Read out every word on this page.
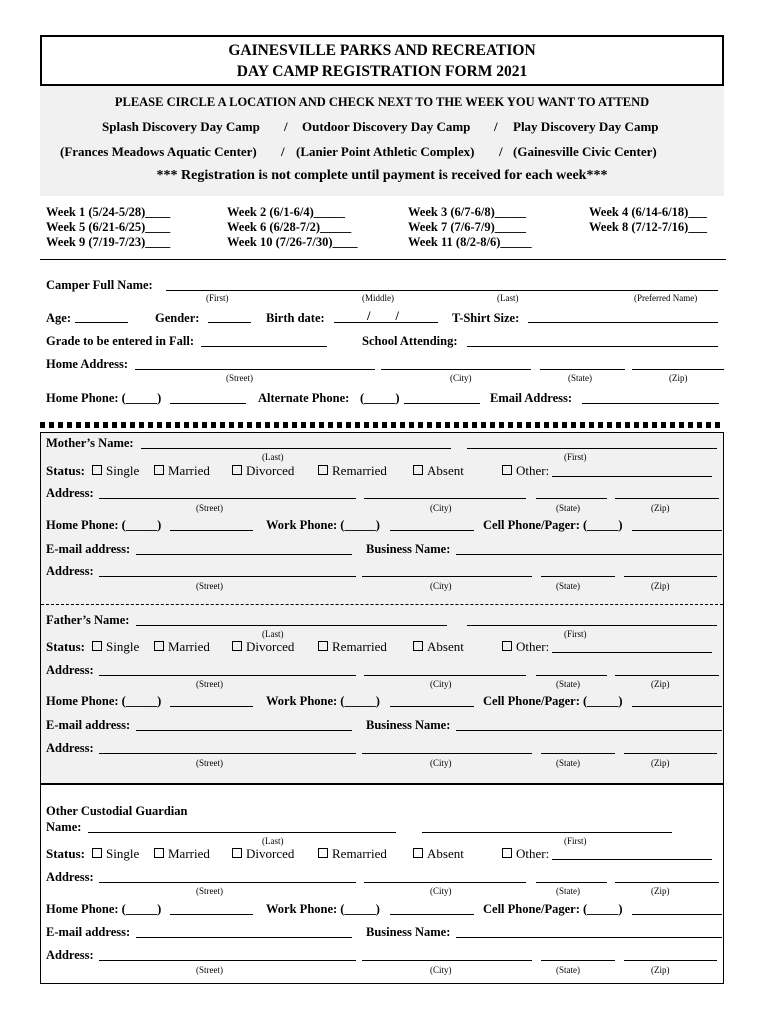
GAINESVILLE PARKS AND RECREATION
DAY CAMP REGISTRATION FORM 2021
PLEASE CIRCLE A LOCATION AND CHECK NEXT TO THE WEEK YOU WANT TO ATTEND
Splash Discovery Day Camp / Outdoor Discovery Day Camp / Play Discovery Day Camp
(Frances Meadows Aquatic Center) / (Lanier Point Athletic Complex) / (Gainesville Civic Center)
*** Registration is not complete until payment is received for each week***
Week 1 (5/24-5/28)____	Week 2 (6/1-6/4)_____	Week 3 (6/7-6/8)_____	Week 4 (6/14-6/18)___
Week 5 (6/21-6/25)____	Week 6 (6/28-7/2)_____	Week 7 (7/6-7/9)_____	Week 8 (7/12-7/16)___
Week 9 (7/19-7/23)____	Week 10 (7/26-7/30)____	Week 11 (8/2-8/6)_____
Camper Full Name:
(First)	(Middle)	(Last)	(Preferred Name)
Age:	Gender:	Birth date:	/        /	T-Shirt Size:
Grade to be entered in Fall:	School Attending:
Home Address:
(Street)	(City)	(State)	(Zip)
Home Phone: (_____)	Alternate Phone: (_____)	Email Address:
Mother’s Name:
(Last)	(First)
Status:	Single	Married	Divorced	Remarried	Absent	Other:
Address:
(Street)	(City)	(State)	(Zip)
Home Phone: (_____)	Work Phone: (_____)	Cell Phone/Pager: (_____)
E-mail address:	Business Name:
Address:
(Street)	(City)	(State)	(Zip)
Father’s Name:
(Last)	(First)
Status:	Single	Married	Divorced	Remarried	Absent	Other:
Address:
(Street)	(City)	(State)	(Zip)
Home Phone: (_____)	Work Phone: (_____)	Cell Phone/Pager: (_____)
E-mail address:	Business Name:
Address:
(Street)	(City)	(State)	(Zip)
Other Custodial Guardian
Name:
(Last)	(First)
Status:	Single	Married	Divorced	Remarried	Absent	Other:
Address:
(Street)	(City)	(State)	(Zip)
Home Phone: (_____)	Work Phone: (_____)	Cell Phone/Pager: (_____)
E-mail address:	Business Name:
Address:
(Street)	(City)	(State)	(Zip)
